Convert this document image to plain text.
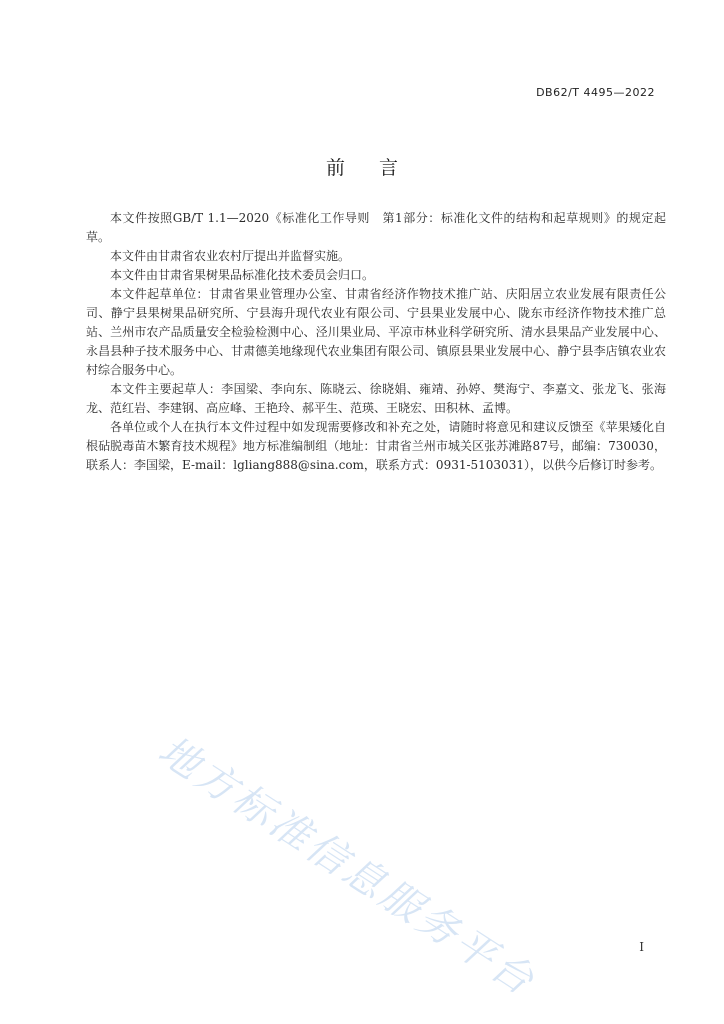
DB62/T 4495—2022
前言

本文件按照GB/T 1.1—2020《标准化工作导则　第1部分：标准化文件的结构和起草规则》的规定起草。

本文件由甘肃省农业农村厅提出并监督实施。

本文件由甘肃省果树果品标准化技术委员会归口。

本文件起草单位：甘肃省果业管理办公室、甘肃省经济作物技术推广站、庆阳居立农业发展有限责任公司、静宁县果树果品研究所、宁县海升现代农业有限公司、宁县果业发展中心、陇东市经济作物技术推广总站、兰州市农产品质量安全检验检测中心、泾川果业局、平凉市林业科学研究所、清水县果品产业发展中心、永昌县种子技术服务中心、甘肃德美地缘现代农业集团有限公司、镇原县果业发展中心、静宁县李店镇农业农村综合服务中心。

本文件主要起草人：李国梁、李向东、陈晓云、徐晓娟、雍靖、孙婷、樊海宁、李嘉文、张龙飞、张海龙、范红岩、李建钢、高应峰、王艳玲、郝平生、范瑛、王晓宏、田积林、孟博。

各单位或个人在执行本文件过程中如发现需要修改和补充之处，请随时将意见和建议反馈至《苹果矮化自根砧脱毒苗木繁育技术规程》地方标准编制组（地址：甘肃省兰州市城关区张苏滩路87号，邮编：730030，联系人：李国梁，E-mail：lgliang888@sina.com，联系方式：0931-5103031），以供今后修订时参考。

地方标准信息服务平台	I
